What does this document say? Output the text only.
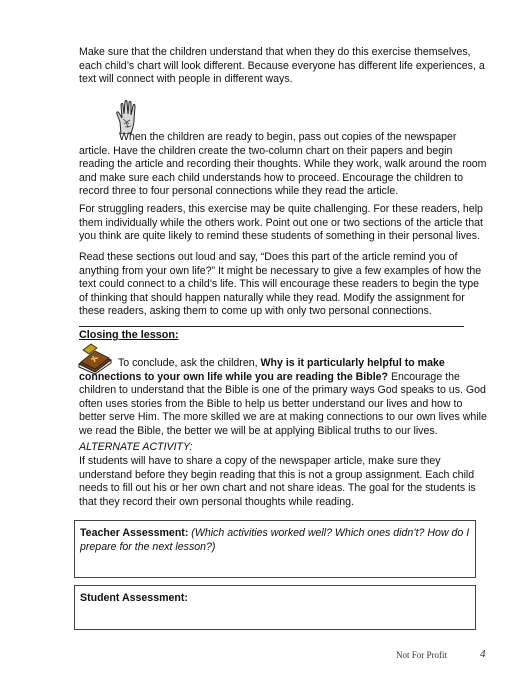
Make sure that the children understand that when they do this exercise themselves, each child’s chart will look different. Because everyone has different life experiences, a text will connect with people in different ways.

When the children are ready to begin, pass out copies of the newspaper article. Have the children create the two-column chart on their papers and begin reading the article and recording their thoughts. While they work, walk around the room and make sure each child understands how to proceed. Encourage the children to record three to four personal connections while they read the article.

For struggling readers, this exercise may be quite challenging. For these readers, help them individually while the others work. Point out one or two sections of the article that you think are quite likely to remind these students of something in their personal lives.

Read these sections out loud and say, “Does this part of the article remind you of anything from your own life?” It might be necessary to give a few examples of how the text could connect to a child’s life. This will encourage these readers to begin the type of thinking that should happen naturally while they read. Modify the assignment for these readers, asking them to come up with only two personal connections.

Closing the lesson:

To conclude, ask the children, Why is it particularly helpful to make connections to your own life while you are reading the Bible? Encourage the children to understand that the Bible is one of the primary ways God speaks to us. God often uses stories from the Bible to help us better understand our lives and how to better serve Him. The more skilled we are at making connections to our own lives while we read the Bible, the better we will be at applying Biblical truths to our lives.

ALTERNATE ACTIVITY:

If students will have to share a copy of the newspaper article, make sure they understand before they begin reading that this is not a group assignment. Each child needs to fill out his or her own chart and not share ideas. The goal for the students is that they record their own personal thoughts while reading.

Teacher Assessment: (Which activities worked well? Which ones didn’t? How do I prepare for the next lesson?)

Student Assessment:

Not For Profit	4
